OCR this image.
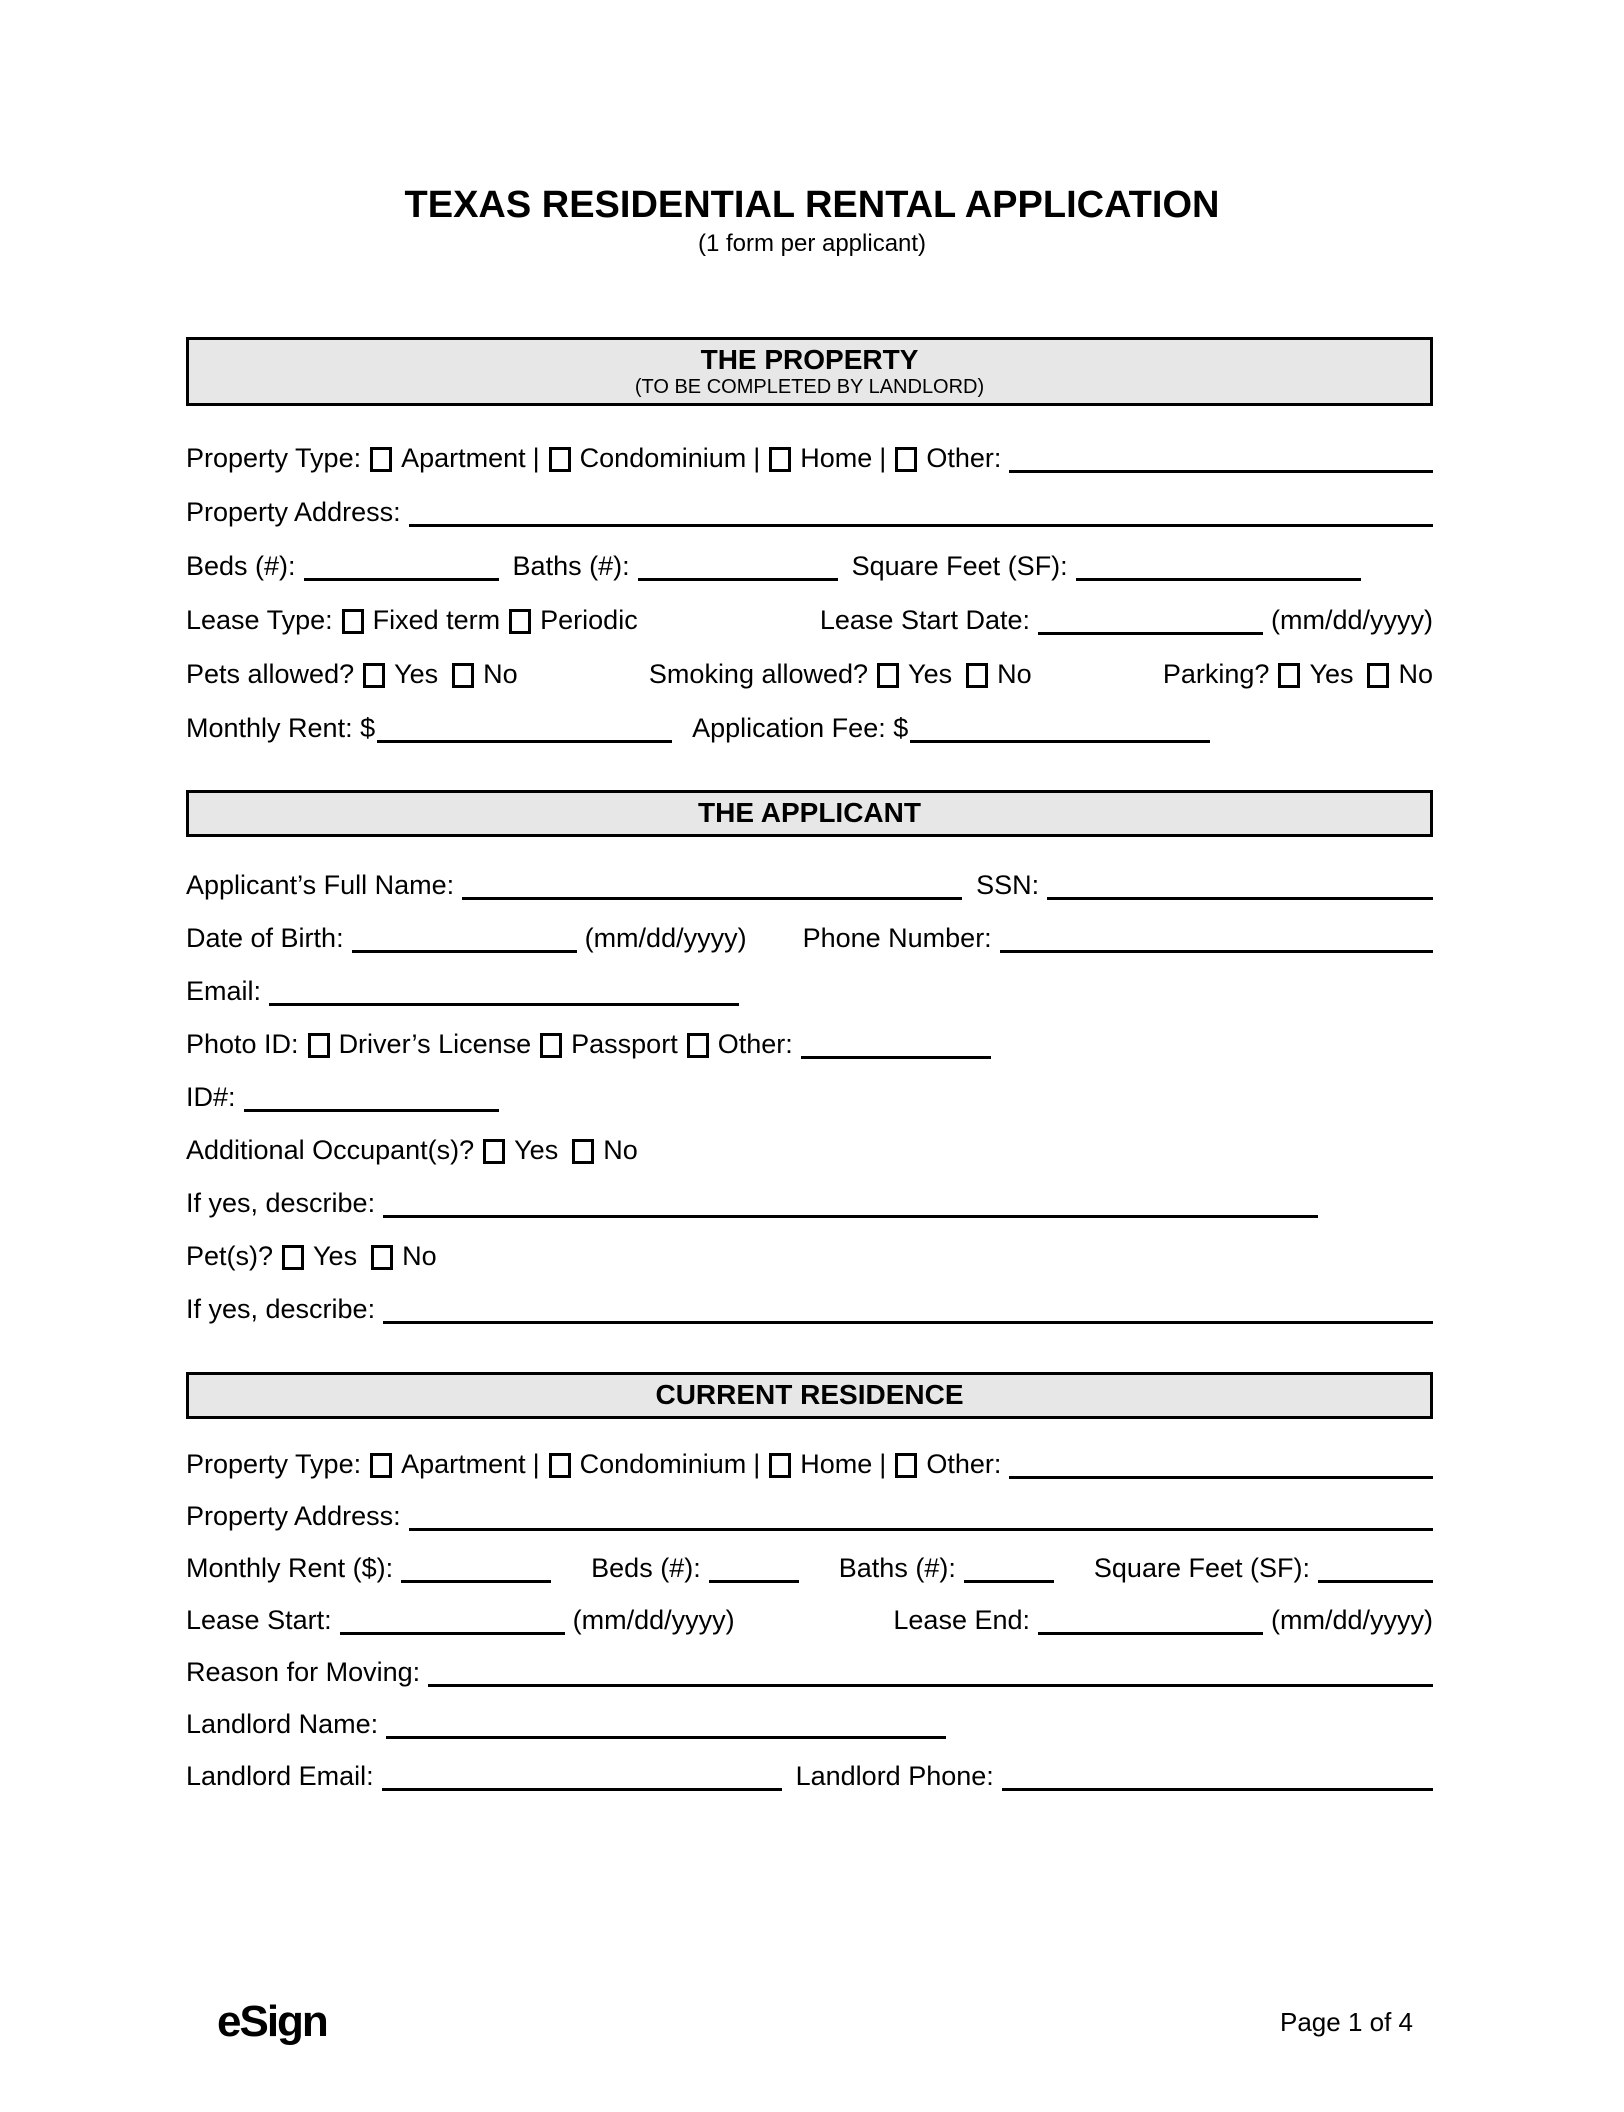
TEXAS RESIDENTIAL RENTAL APPLICATION
(1 form per applicant)
THE PROPERTY
(TO BE COMPLETED BY LANDLORD)
Property Type: Apartment | Condominium | Home | Other:
Property Address:
Beds (#):	Baths (#):	Square Feet (SF):
Lease Type: Fixed term Periodic	Lease Start Date:	(mm/dd/yyyy)
Pets allowed? Yes No	Smoking allowed? Yes No	Parking? Yes No
Monthly Rent: $	Application Fee: $
THE APPLICANT
Applicant’s Full Name:	SSN:
Date of Birth:	(mm/dd/yyyy) Phone Number:
Email:
Photo ID: Driver’s License Passport Other:
ID#:
Additional Occupant(s)? Yes No
If yes, describe:
Pet(s)? Yes No
If yes, describe:
CURRENT RESIDENCE
Property Type: Apartment | Condominium | Home | Other:
Property Address:
Monthly Rent ($):	Beds (#):	Baths (#):	Square Feet (SF):
Lease Start:	(mm/dd/yyyy)	Lease End:	(mm/dd/yyyy)
Reason for Moving:
Landlord Name:
Landlord Email:	Landlord Phone:
eSign	Page 1 of 4
